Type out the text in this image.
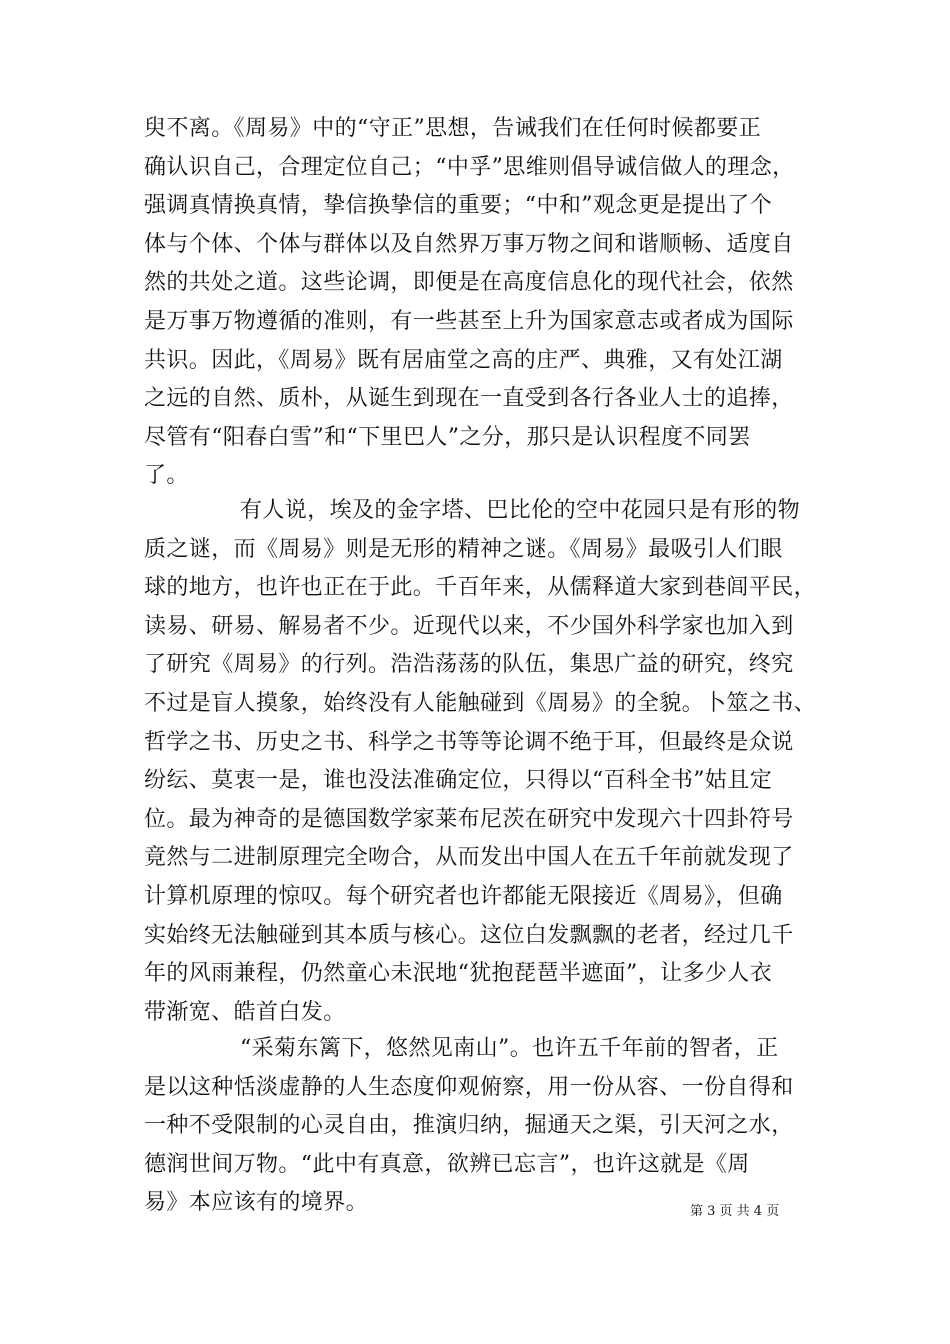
臾不离。《周易》中的“守正”思想，告诫我们在任何时候都要正
确认识自己，合理定位自己；“中孚”思维则倡导诚信做人的理念，
强调真情换真情，挚信换挚信的重要；“中和”观念更是提出了个
体与个体、个体与群体以及自然界万事万物之间和谐顺畅、适度自
然的共处之道。这些论调，即便是在高度信息化的现代社会，依然
是万事万物遵循的准则，有一些甚至上升为国家意志或者成为国际
共识。因此，《周易》既有居庙堂之高的庄严、典雅，又有处江湖
之远的自然、质朴，从诞生到现在一直受到各行各业人士的追捧，
尽管有“阳春白雪”和“下里巴人”之分，那只是认识程度不同罢
了。
有人说，埃及的金字塔、巴比伦的空中花园只是有形的物
质之谜，而《周易》则是无形的精神之谜。《周易》最吸引人们眼
球的地方，也许也正在于此。千百年来，从儒释道大家到巷闾平民，
读易、研易、解易者不少。近现代以来，不少国外科学家也加入到
了研究《周易》的行列。浩浩荡荡的队伍，集思广益的研究，终究
不过是盲人摸象，始终没有人能触碰到《周易》的全貌。卜筮之书、
哲学之书、历史之书、科学之书等等论调不绝于耳，但最终是众说
纷纭、莫衷一是，谁也没法准确定位，只得以“百科全书”姑且定
位。最为神奇的是德国数学家莱布尼茨在研究中发现六十四卦符号
竟然与二进制原理完全吻合，从而发出中国人在五千年前就发现了
计算机原理的惊叹。每个研究者也许都能无限接近《周易》，但确
实始终无法触碰到其本质与核心。这位白发飘飘的老者，经过几千
年的风雨兼程，仍然童心未泯地“犹抱琵琶半遮面”，让多少人衣
带渐宽、皓首白发。
“采菊东篱下，悠然见南山”。也许五千年前的智者，正
是以这种恬淡虚静的人生态度仰观俯察，用一份从容、一份自得和
一种不受限制的心灵自由，推演归纳，掘通天之渠，引天河之水，
德润世间万物。“此中有真意，欲辨已忘言”，也许这就是《周
易》本应该有的境界。	第 3 页 共 4 页
